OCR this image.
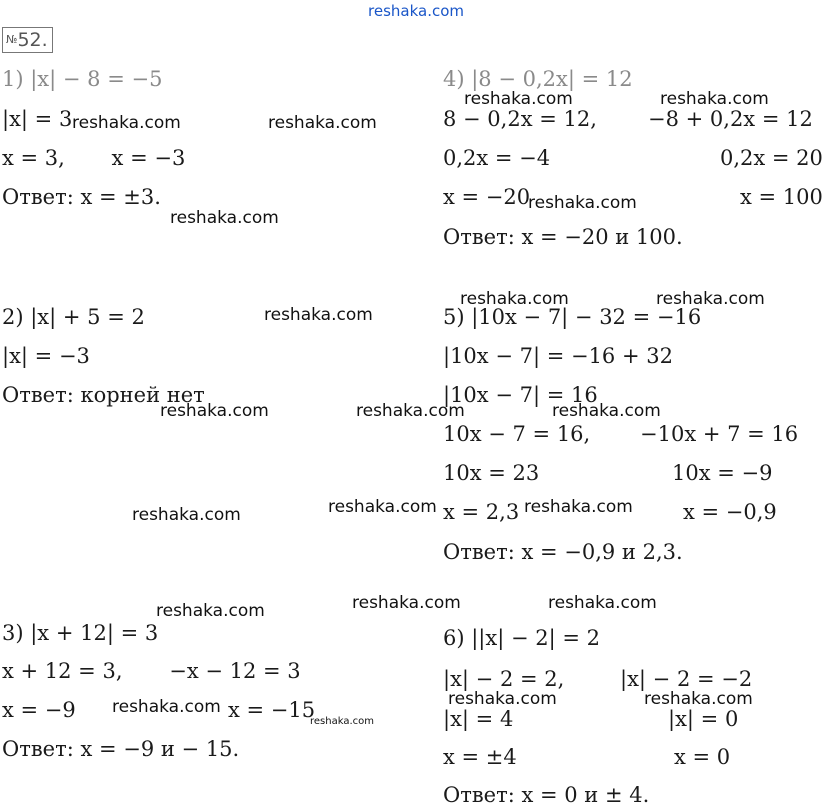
reshaka.com
№52.
1) |x| − 8 = −5
|x| = 3
x = 3,       x = −3
Ответ: x = ±3.
2) |x| + 5 = 2
|x| = −3
Ответ: корней нет
3) |x + 12| = 3
x + 12 = 3,       −x − 12 = 3
x = −9	x = −15
Ответ: x = −9 и − 15.
4) |8 − 0,2x| = 12
8 − 0,2x = 12, −8 + 0,2x = 12
0,2x = −4	0,2x = 20
x = −20	x = 100
Ответ: x = −20 и 100.
5) |10x − 7| − 32 = −16
|10x − 7| = −16 + 32
|10x − 7| = 16
10x − 7 = 16, −10x + 7 = 16
10x = 23	10x = −9
x = 2,3	x = −0,9
Ответ: x = −0,9 и 2,3.
6) ||x| − 2| = 2
|x| − 2 = 2,	|x| − 2 = −2
|x| = 4	|x| = 0
x = ±4	x = 0
Ответ: x = 0 и ± 4.
reshaka.com	reshaka.com
reshaka.com	reshaka.com
reshaka.com
reshaka.com
reshaka.com
reshaka.com	reshaka.com
reshaka.com	reshaka.com	reshaka.com
reshaka.com	reshaka.com	reshaka.com
reshaka.com	reshaka.com	reshaka.com
reshaka.com	reshaka.com	reshaka.com
reshaka.com
